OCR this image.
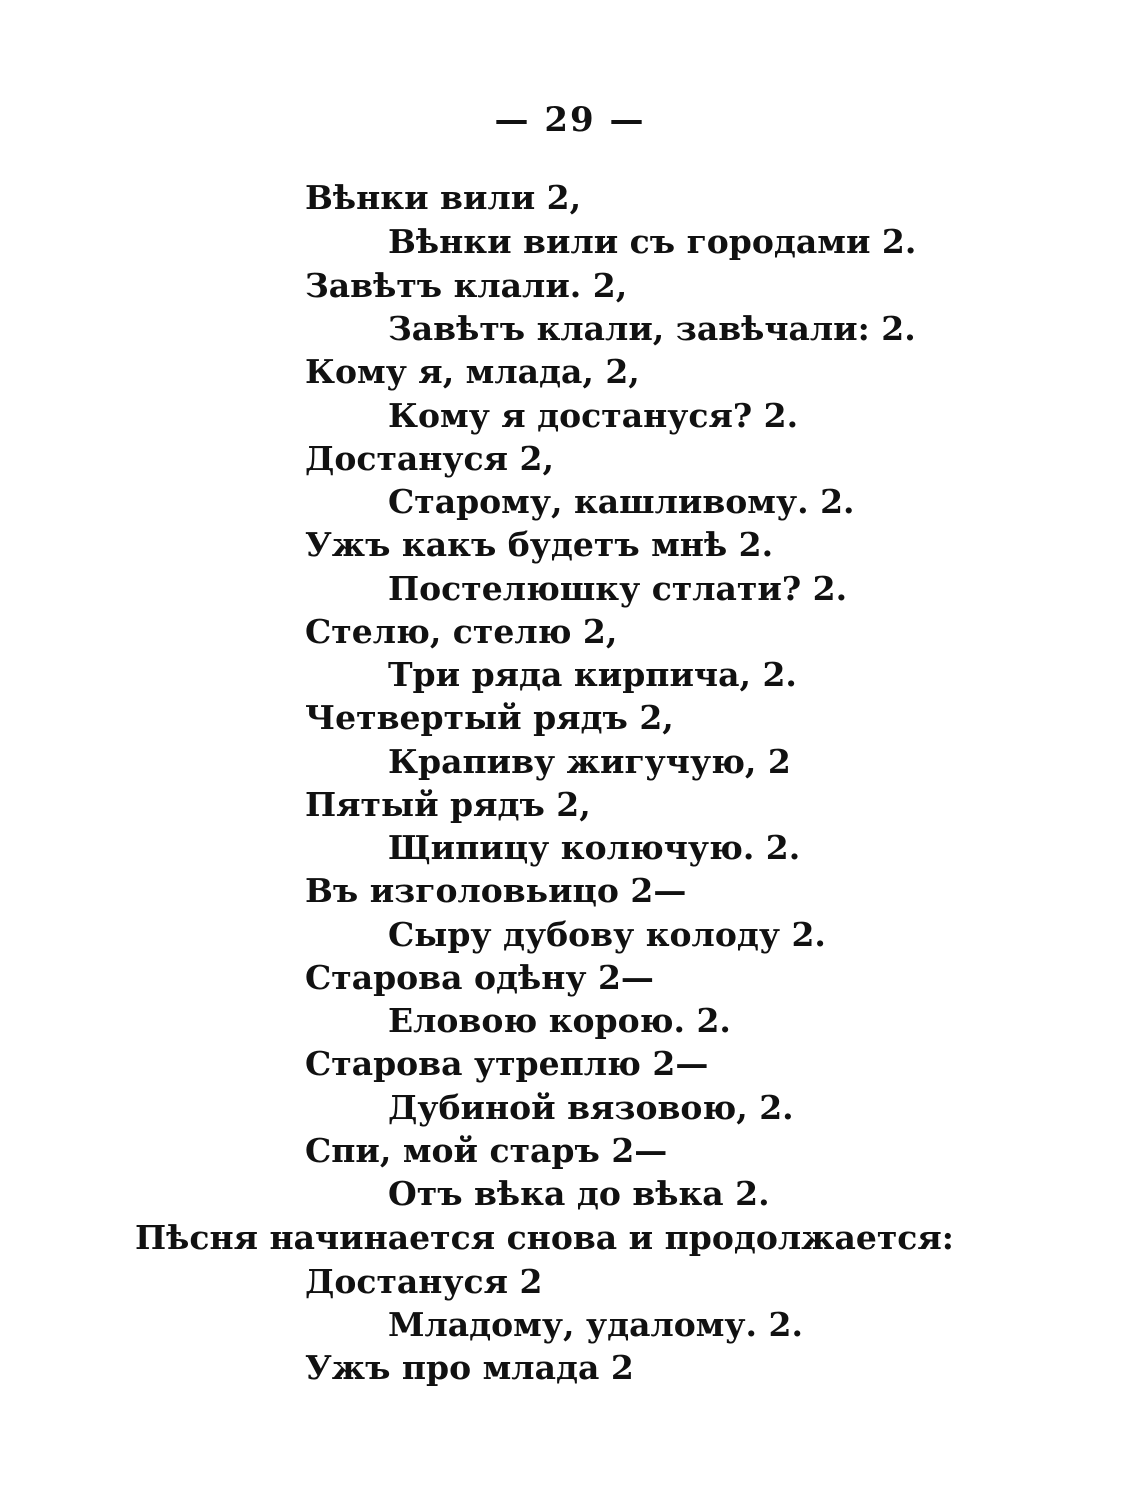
— 29 —
Вѣнки вили 2,
Вѣнки вили съ городами 2.
Завѣтъ клали. 2,
Завѣтъ клали, завѣчали: 2.
Кому я, млада, 2,
Кому я достануся? 2.
Достануся 2,
Старому, кашливому. 2.
Ужъ какъ будетъ мнѣ 2.
Постелюшку стлати? 2.
Стелю, стелю 2,
Три ряда кирпича, 2.
Четвертый рядъ 2,
Крапиву жигучую, 2
Пятый рядъ 2,
Щипицу колючую. 2.
Въ изголовьицо 2—
Сыру дубову колоду 2.
Старова одѣну 2—
Еловою корою. 2.
Старова утреплю 2—
Дубиной вязовою, 2.
Спи, мой старъ 2—
Отъ вѣка до вѣка 2.
Пѣсня начинается снова и продолжается:
Достануся 2
Младому, удалому. 2.
Ужъ про млада 2
